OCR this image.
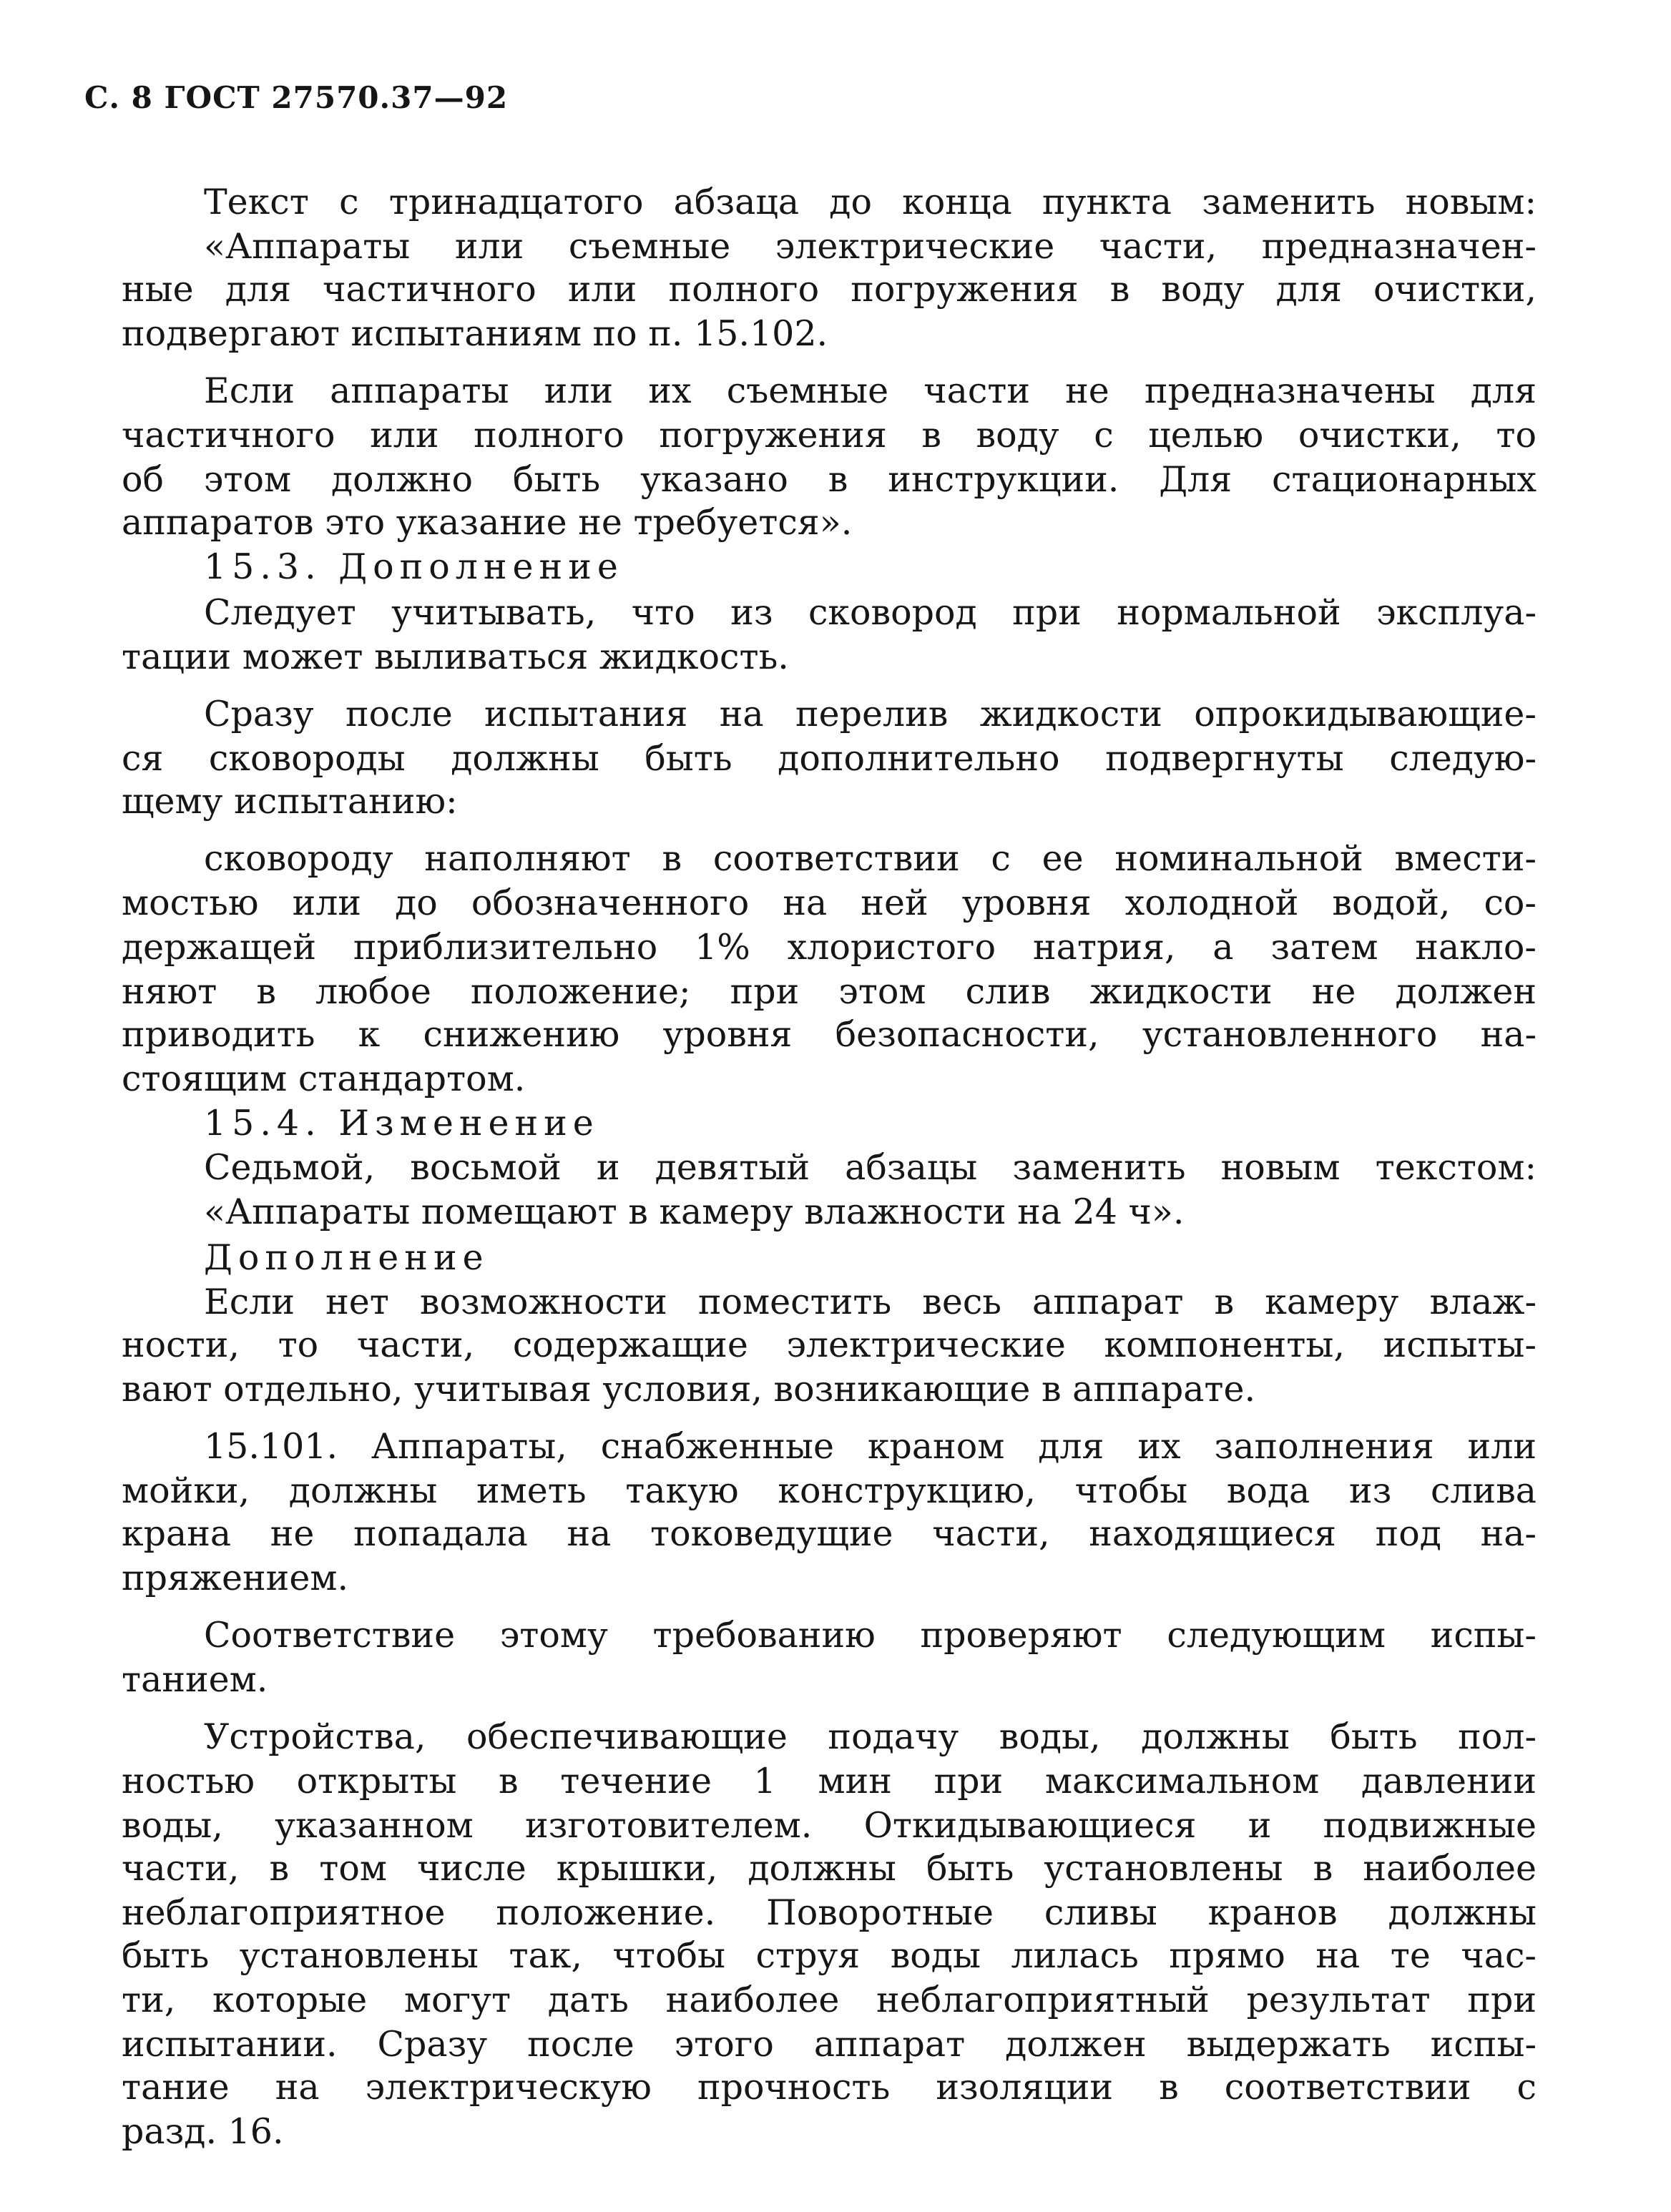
С. 8 ГОСТ 27570.37—92
Текст с тринадцатого абзаца до конца пункта заменить новым:
«Аппараты или съемные электрические части, предназначен-
ные для частичного или полного погружения в воду для очистки,
подвергают испытаниям по п. 15.102.
Если аппараты или их съемные части не предназначены для
частичного или полного погружения в воду с целью очистки, то
об этом должно быть указано в инструкции. Для стационарных
аппаратов это указание не требуется».
15.3. Дополнение
Следует учитывать, что из сковород при нормальной эксплуа-
тации может выливаться жидкость.
Сразу после испытания на перелив жидкости опрокидывающие-
ся сковороды должны быть дополнительно подвергнуты следую-
щему испытанию:
сковороду наполняют в соответствии с ее номинальной вмести-
мостью или до обозначенного на ней уровня холодной водой, со-
держащей приблизительно 1% хлористого натрия, а затем накло-
няют в любое положение; при этом слив жидкости не должен
приводить к снижению уровня безопасности, установленного на-
стоящим стандартом.
15.4. Изменение
Седьмой, восьмой и девятый абзацы заменить новым текстом:
«Аппараты помещают в камеру влажности на 24 ч».
Дополнение
Если нет возможности поместить весь аппарат в камеру влаж-
ности, то части, содержащие электрические компоненты, испыты-
вают отдельно, учитывая условия, возникающие в аппарате.
15.101. Аппараты, снабженные краном для их заполнения или
мойки, должны иметь такую конструкцию, чтобы вода из слива
крана не попадала на токоведущие части, находящиеся под на-
пряжением.
Соответствие этому требованию проверяют следующим испы-
танием.
Устройства, обеспечивающие подачу воды, должны быть пол-
ностью открыты в течение 1 мин при максимальном давлении
воды, указанном изготовителем. Откидывающиеся и подвижные
части, в том числе крышки, должны быть установлены в наиболее
неблагоприятное положение. Поворотные сливы кранов должны
быть установлены так, чтобы струя воды лилась прямо на те час-
ти, которые могут дать наиболее неблагоприятный результат при
испытании. Сразу после этого аппарат должен выдержать испы-
тание на электрическую прочность изоляции в соответствии с
разд. 16.
